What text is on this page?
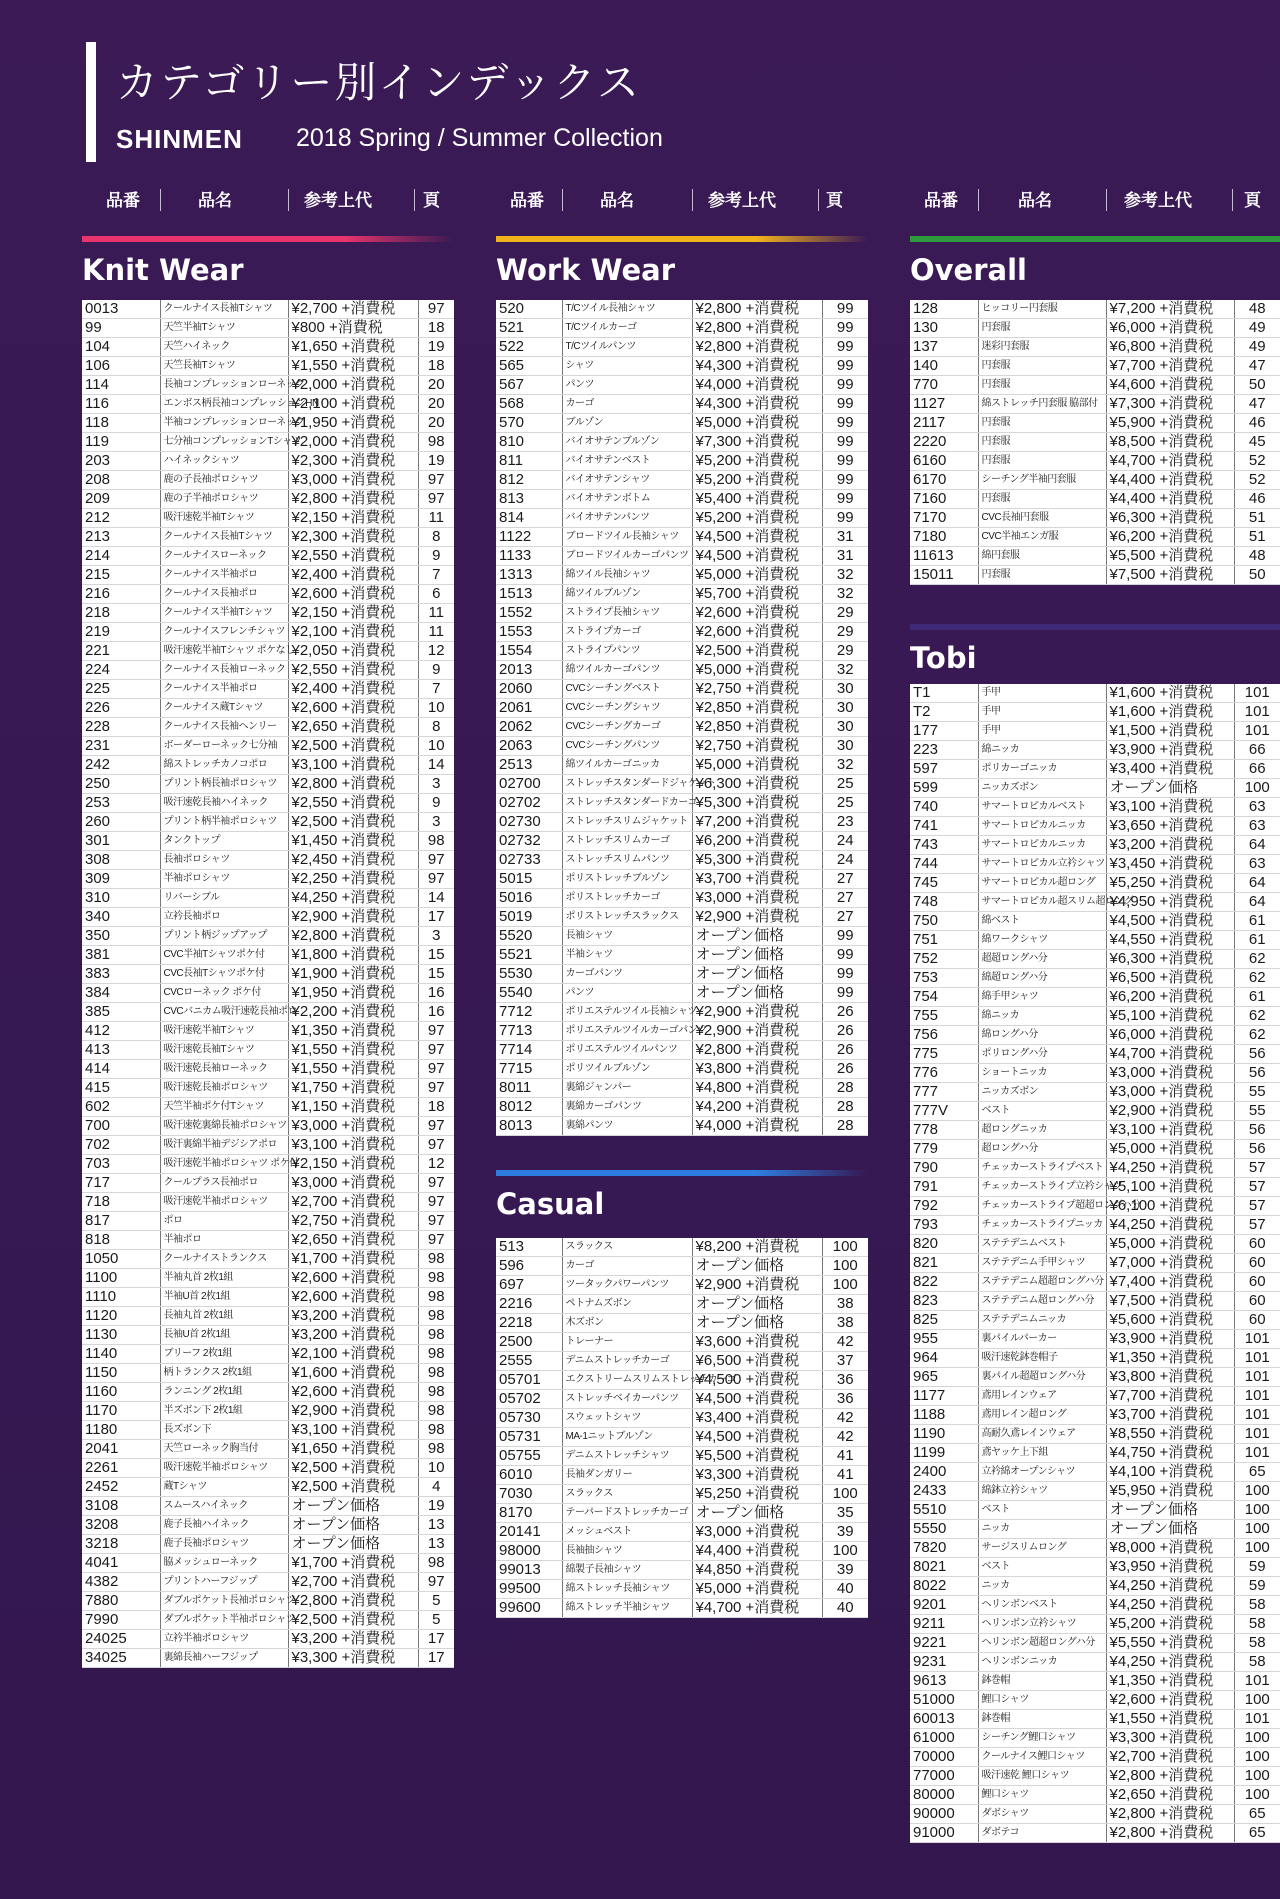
カテゴリー別インデックス
SHINMEN 2018 Spring / Summer Collection
品番	品名	参考上代	頁	品番	品名	参考上代	頁	品番	品名	参考上代	頁
Knit Wear	Work Wear
Casual
Overall
Tobi
0013	クールナイス長袖Tシャツ	¥2,700 +消費税	97
99	天竺半袖Tシャツ	¥800 +消費税	18
104	天竺ハイネック	¥1,650 +消費税	19
106	天竺長袖Tシャツ	¥1,550 +消費税	18
114	長袖コンプレッションローネック	¥2,000 +消費税	20
116	エンボス柄長袖コンプレッションHN	¥2,100 +消費税	20
118	半袖コンプレッションローネック	¥1,950 +消費税	20
119	七分袖コンプレッションTシャツ	¥2,000 +消費税	98
203	ハイネックシャツ	¥2,300 +消費税	19
208	鹿の子長袖ポロシャツ	¥3,000 +消費税	97
209	鹿の子半袖ポロシャツ	¥2,800 +消費税	97
212	吸汗速乾半袖Tシャツ	¥2,150 +消費税	11
213	クールナイス長袖Tシャツ	¥2,300 +消費税	8
214	クールナイスローネック	¥2,550 +消費税	9
215	クールナイス半袖ポロ	¥2,400 +消費税	7
216	クールナイス長袖ポロ	¥2,600 +消費税	6
218	クールナイス半袖Tシャツ	¥2,150 +消費税	11
219	クールナイスフレンチシャツ	¥2,100 +消費税	11
221	吸汗速乾半袖Tシャツ ポケなし	¥2,050 +消費税	12
224	クールナイス長袖ローネック	¥2,550 +消費税	9
225	クールナイス半袖ポロ	¥2,400 +消費税	7
226	クールナイス蔵Tシャツ	¥2,600 +消費税	10
228	クールナイス長袖ヘンリー	¥2,650 +消費税	8
231	ボーダーローネック七分袖	¥2,500 +消費税	10
242	綿ストレッチカノコポロ	¥3,100 +消費税	14
250	プリント柄長袖ポロシャツ	¥2,800 +消費税	3
253	吸汗速乾長袖ハイネック	¥2,550 +消費税	9
260	プリント柄半袖ポロシャツ	¥2,500 +消費税	3
301	タンクトップ	¥1,450 +消費税	98
308	長袖ポロシャツ	¥2,450 +消費税	97
309	半袖ポロシャツ	¥2,250 +消費税	97
310	リバーシブル	¥4,250 +消費税	14
340	立衿長袖ポロ	¥2,900 +消費税	17
350	プリント柄ジップアップ	¥2,800 +消費税	3
381	CVC半袖Tシャツポケ付	¥1,800 +消費税	15
383	CVC長袖Tシャツポケ付	¥1,900 +消費税	15
384	CVCローネック ポケ付	¥1,950 +消費税	16
385	CVCバニカム吸汗速乾長袖ポロ	¥2,200 +消費税	16
412	吸汗速乾半袖Tシャツ	¥1,350 +消費税	97
413	吸汗速乾長袖Tシャツ	¥1,550 +消費税	97
414	吸汗速乾長袖ローネック	¥1,550 +消費税	97
415	吸汗速乾長袖ポロシャツ	¥1,750 +消費税	97
602	天竺半袖ポケ付Tシャツ	¥1,150 +消費税	18
700	吸汗速乾裏綿長袖ポロシャツ	¥3,000 +消費税	97
702	吸汗裏綿半袖デジシアポロ	¥3,100 +消費税	97
703	吸汗速乾半袖ポロシャツ ポケ付	¥2,150 +消費税	12
717	クールプラス長袖ポロ	¥3,000 +消費税	97
718	吸汗速乾半袖ポロシャツ	¥2,700 +消費税	97
817	ポロ	¥2,750 +消費税	97
818	半袖ポロ	¥2,650 +消費税	97
1050	クールナイストランクス	¥1,700 +消費税	98
1100	半袖丸首 2枚1組	¥2,600 +消費税	98
1110	半袖U首 2枚1組	¥2,600 +消費税	98
1120	長袖丸首 2枚1組	¥3,200 +消費税	98
1130	長袖U首 2枚1組	¥3,200 +消費税	98
1140	ブリーフ 2枚1組	¥2,100 +消費税	98
1150	柄トランクス 2枚1組	¥1,600 +消費税	98
1160	ランニング 2枚1組	¥2,600 +消費税	98
1170	半ズボン下 2枚1組	¥2,900 +消費税	98
1180	長ズボン下	¥3,100 +消費税	98
2041	天竺ローネック胸当付	¥1,650 +消費税	98
2261	吸汗速乾半袖ポロシャツ	¥2,500 +消費税	10
2452	蔵Tシャツ	¥2,500 +消費税	4
3108	スムースハイネック	オープン価格	19
3208	鹿子長袖ハイネック	オープン価格	13
3218	鹿子長袖ポロシャツ	オープン価格	13
4041	脇メッシュローネック	¥1,700 +消費税	98
4382	プリントハーフジップ	¥2,700 +消費税	97
7880	ダブルポケット長袖ポロシャツ	¥2,800 +消費税	5
7990	ダブルポケット半袖ポロシャツ	¥2,500 +消費税	5
24025	立衿半袖ポロシャツ	¥3,200 +消費税	17
34025	裏綿長袖ハーフジップ	¥3,300 +消費税	17
520	T/Cツイル長袖シャツ	¥2,800 +消費税	99
521	T/Cツイルカーゴ	¥2,800 +消費税	99
522	T/Cツイルパンツ	¥2,800 +消費税	99
565	シャツ	¥4,300 +消費税	99
567	パンツ	¥4,000 +消費税	99
568	カーゴ	¥4,300 +消費税	99
570	ブルゾン	¥5,000 +消費税	99
810	バイオサテンブルゾン	¥7,300 +消費税	99
811	バイオサテンベスト	¥5,200 +消費税	99
812	バイオサテンシャツ	¥5,200 +消費税	99
813	バイオサテンボトム	¥5,400 +消費税	99
814	バイオサテンパンツ	¥5,200 +消費税	99
1122	ブロードツイル長袖シャツ	¥4,500 +消費税	31
1133	ブロードツイルカーゴパンツ	¥4,500 +消費税	31
1313	綿ツイル長袖シャツ	¥5,000 +消費税	32
1513	綿ツイルブルゾン	¥5,700 +消費税	32
1552	ストライプ長袖シャツ	¥2,600 +消費税	29
1553	ストライプカーゴ	¥2,600 +消費税	29
1554	ストライプパンツ	¥2,500 +消費税	29
2013	綿ツイルカーゴパンツ	¥5,000 +消費税	32
2060	CVCシーチングベスト	¥2,750 +消費税	30
2061	CVCシーチングシャツ	¥2,850 +消費税	30
2062	CVCシーチングカーゴ	¥2,850 +消費税	30
2063	CVCシーチングパンツ	¥2,750 +消費税	30
2513	綿ツイルカーゴニッカ	¥5,000 +消費税	32
02700	ストレッチスタンダードジャケット	¥6,300 +消費税	25
02702	ストレッチスタンダードカーゴ	¥5,300 +消費税	25
02730	ストレッチスリムジャケット	¥7,200 +消費税	23
02732	ストレッチスリムカーゴ	¥6,200 +消費税	24
02733	ストレッチスリムパンツ	¥5,300 +消費税	24
5015	ポリストレッチブルゾン	¥3,700 +消費税	27
5016	ポリストレッチカーゴ	¥3,000 +消費税	27
5019	ポリストレッチスラックス	¥2,900 +消費税	27
5520	長袖シャツ	オープン価格	99
5521	半袖シャツ	オープン価格	99
5530	カーゴパンツ	オープン価格	99
5540	パンツ	オープン価格	99
7712	ポリエステルツイル長袖シャツ	¥2,900 +消費税	26
7713	ポリエステルツイルカーゴパンツ	¥2,900 +消費税	26
7714	ポリエステルツイルパンツ	¥2,800 +消費税	26
7715	ポリツイルブルゾン	¥3,800 +消費税	26
8011	裏綿ジャンパー	¥4,800 +消費税	28
8012	裏綿カーゴパンツ	¥4,200 +消費税	28
8013	裏綿パンツ	¥4,000 +消費税	28
513	スラックス	¥8,200 +消費税	100
596	カーゴ	オープン価格	100
697	ツータックパワーパンツ	¥2,900 +消費税	100
2216	ペトナムズボン	オープン価格	38
2218	木ズボン	オープン価格	38
2500	トレーナー	¥3,600 +消費税	42
2555	デニムストレッチカーゴ	¥6,500 +消費税	37
05701	エクストリームスリムストレッチカーゴ	¥4,500 +消費税	36
05702	ストレッチベイカーパンツ	¥4,500 +消費税	36
05730	スウェットシャツ	¥3,400 +消費税	42
05731	MA-1ニットブルゾン	¥4,500 +消費税	42
05755	デニムストレッチシャツ	¥5,500 +消費税	41
6010	長袖ダンガリー	¥3,300 +消費税	41
7030	スラックス	¥5,250 +消費税	100
8170	テーパードストレッチカーゴ	オープン価格	35
20141	メッシュベスト	¥3,000 +消費税	39
98000	長袖抽シャツ	¥4,400 +消費税	100
99013	綿製子長袖シャツ	¥4,850 +消費税	39
99500	綿ストレッチ長袖シャツ	¥5,000 +消費税	40
99600	綿ストレッチ半袖シャツ	¥4,700 +消費税	40
128	ヒッコリー円套服	¥7,200 +消費税	48
130	円套服	¥6,000 +消費税	49
137	迷彩円套服	¥6,800 +消費税	49
140	円套服	¥7,700 +消費税	47
770	円套服	¥4,600 +消費税	50
1127	綿ストレッチ円套服 脇部付	¥7,300 +消費税	47
2117	円套服	¥5,900 +消費税	46
2220	円套服	¥8,500 +消費税	45
6160	円套服	¥4,700 +消費税	52
6170	シーチング半袖円套服	¥4,400 +消費税	52
7160	円套服	¥4,400 +消費税	46
7170	CVC長袖円套服	¥6,300 +消費税	51
7180	CVC半袖エンガ服	¥6,200 +消費税	51
11613	綿円套服	¥5,500 +消費税	48
15011	円套服	¥7,500 +消費税	50
T1	手甲	¥1,600 +消費税	101
T2	手甲	¥1,600 +消費税	101
177	手甲	¥1,500 +消費税	101
223	綿ニッカ	¥3,900 +消費税	66
597	ポリカーゴニッカ	¥3,400 +消費税	66
599	ニッカズボン	オープン価格	100
740	サマートロピカルベスト	¥3,100 +消費税	63
741	サマートロピカルニッカ	¥3,650 +消費税	63
743	サマートロピカルニッカ	¥3,200 +消費税	64
744	サマートロピカル立衿シャツ	¥3,450 +消費税	63
745	サマートロピカル超ロング	¥5,250 +消費税	64
748	サマートロピカル超スリム超ロング	¥4,950 +消費税	64
750	綿ベスト	¥4,500 +消費税	61
751	綿ワークシャツ	¥4,550 +消費税	61
752	超超ロングハ分	¥6,300 +消費税	62
753	綿超ロングハ分	¥6,500 +消費税	62
754	綿手甲シャツ	¥6,200 +消費税	61
755	綿ニッカ	¥5,100 +消費税	62
756	綿ロングハ分	¥6,000 +消費税	62
775	ポリロングハ分	¥4,700 +消費税	56
776	ショートニッカ	¥3,000 +消費税	56
777	ニッカズボン	¥3,000 +消費税	55
777V	ベスト	¥2,900 +消費税	55
778	超ロングニッカ	¥3,100 +消費税	56
779	超ロングハ分	¥5,000 +消費税	56
790	チェッカーストライプベスト	¥4,250 +消費税	57
791	チェッカーストライプ立衿シャツ	¥5,100 +消費税	57
792	チェッカーストライプ超超ロングハ分	¥6,100 +消費税	57
793	チェッカーストライプニッカ	¥4,250 +消費税	57
820	ステテデニムベスト	¥5,000 +消費税	60
821	ステテデニム手甲シャツ	¥7,000 +消費税	60
822	ステテデニム超超ロングハ分	¥7,400 +消費税	60
823	ステテデニム超ロングハ分	¥7,500 +消費税	60
825	ステテデニムニッカ	¥5,600 +消費税	60
955	裏パイルパーカー	¥3,900 +消費税	101
964	吸汗速乾鉢巻帽子	¥1,350 +消費税	101
965	裏パイル超超ロングハ分	¥3,800 +消費税	101
1177	鳶用レインウェア	¥7,700 +消費税	101
1188	鳶用レイン超ロング	¥3,700 +消費税	101
1190	高耐久鳶レインウェア	¥8,550 +消費税	101
1199	鳶ヤッケ上下組	¥4,750 +消費税	101
2400	立衿綿オープンシャツ	¥4,100 +消費税	65
2433	綿鉢立衿シャツ	¥5,950 +消費税	100
5510	ベスト	オープン価格	100
5550	ニッカ	オープン価格	100
7820	サージスリムロング	¥8,000 +消費税	100
8021	ベスト	¥3,950 +消費税	59
8022	ニッカ	¥4,250 +消費税	59
9201	ヘリンボンベスト	¥4,250 +消費税	58
9211	ヘリンボン立衿シャツ	¥5,200 +消費税	58
9221	ヘリンボン超超ロングハ分	¥5,550 +消費税	58
9231	ヘリンボンニッカ	¥4,250 +消費税	58
9613	鉢巻帽	¥1,350 +消費税	101
51000	鯉口シャツ	¥2,600 +消費税	100
60013	鉢巻帽	¥1,550 +消費税	101
61000	シーチング鯉口シャツ	¥3,300 +消費税	100
70000	クールナイス鯉口シャツ	¥2,700 +消費税	100
77000	吸汗速乾 鯉口シャツ	¥2,800 +消費税	100
80000	鯉口シャツ	¥2,650 +消費税	100
90000	ダボシャツ	¥2,800 +消費税	65
91000	ダボテコ	¥2,800 +消費税	65
